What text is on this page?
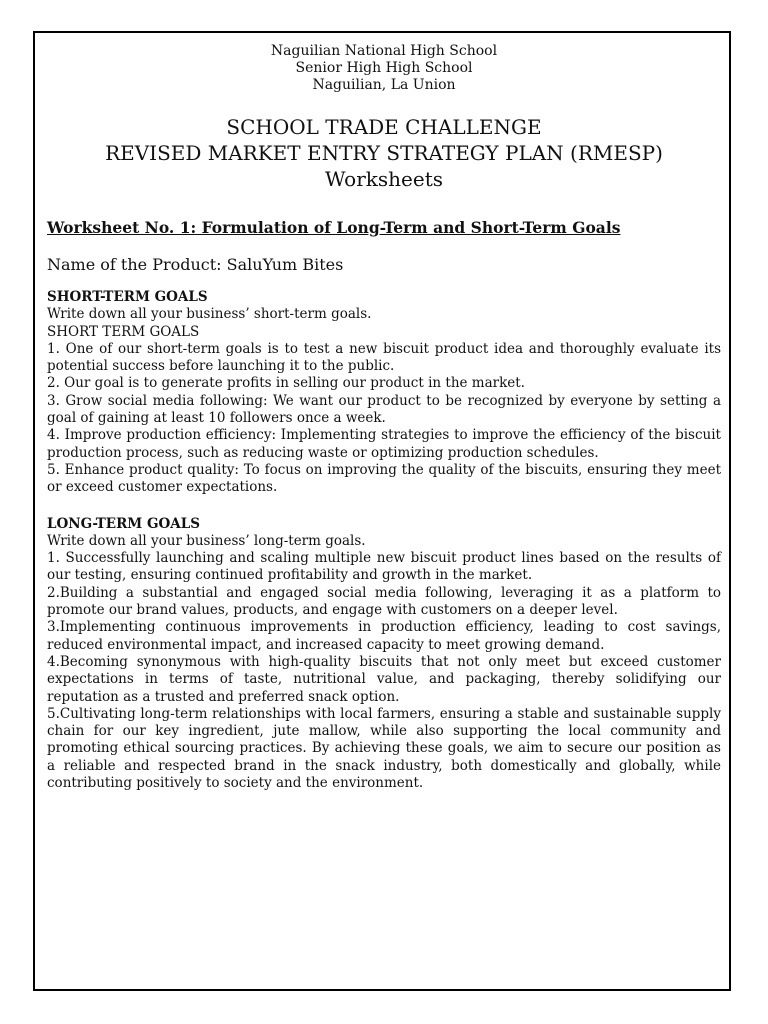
Naguilian National High School
Senior High High School
Naguilian, La Union
SCHOOL TRADE CHALLENGE
REVISED MARKET ENTRY STRATEGY PLAN (RMESP)
Worksheets
Worksheet No. 1: Formulation of Long-Term and Short-Term Goals
Name of the Product: SaluYum Bites
SHORT-TERM GOALS
Write down all your business’ short-term goals.
SHORT TERM GOALS
1. One of our short-term goals is to test a new biscuit product idea and thoroughly evaluate its potential success before launching it to the public.
2. Our goal is to generate profits in selling our product in the market.
3. Grow social media following: We want our product to be recognized by everyone by setting a goal of gaining at least 10 followers once a week.
4. Improve production efficiency: Implementing strategies to improve the efficiency of the biscuit production process, such as reducing waste or optimizing production schedules.
5. Enhance product quality: To focus on improving the quality of the biscuits, ensuring they meet or exceed customer expectations.
LONG-TERM GOALS
Write down all your business’ long-term goals.
1. Successfully launching and scaling multiple new biscuit product lines based on the results of our testing, ensuring continued profitability and growth in the market.
2.Building a substantial and engaged social media following, leveraging it as a platform to promote our brand values, products, and engage with customers on a deeper level.
3.Implementing continuous improvements in production efficiency, leading to cost savings, reduced environmental impact, and increased capacity to meet growing demand.
4.Becoming synonymous with high-quality biscuits that not only meet but exceed customer expectations in terms of taste, nutritional value, and packaging, thereby solidifying our reputation as a trusted and preferred snack option.
5.Cultivating long-term relationships with local farmers, ensuring a stable and sustainable supply chain for our key ingredient, jute mallow, while also supporting the local community and promoting ethical sourcing practices. By achieving these goals, we aim to secure our position as a reliable and respected brand in the snack industry, both domestically and globally, while contributing positively to society and the environment.
